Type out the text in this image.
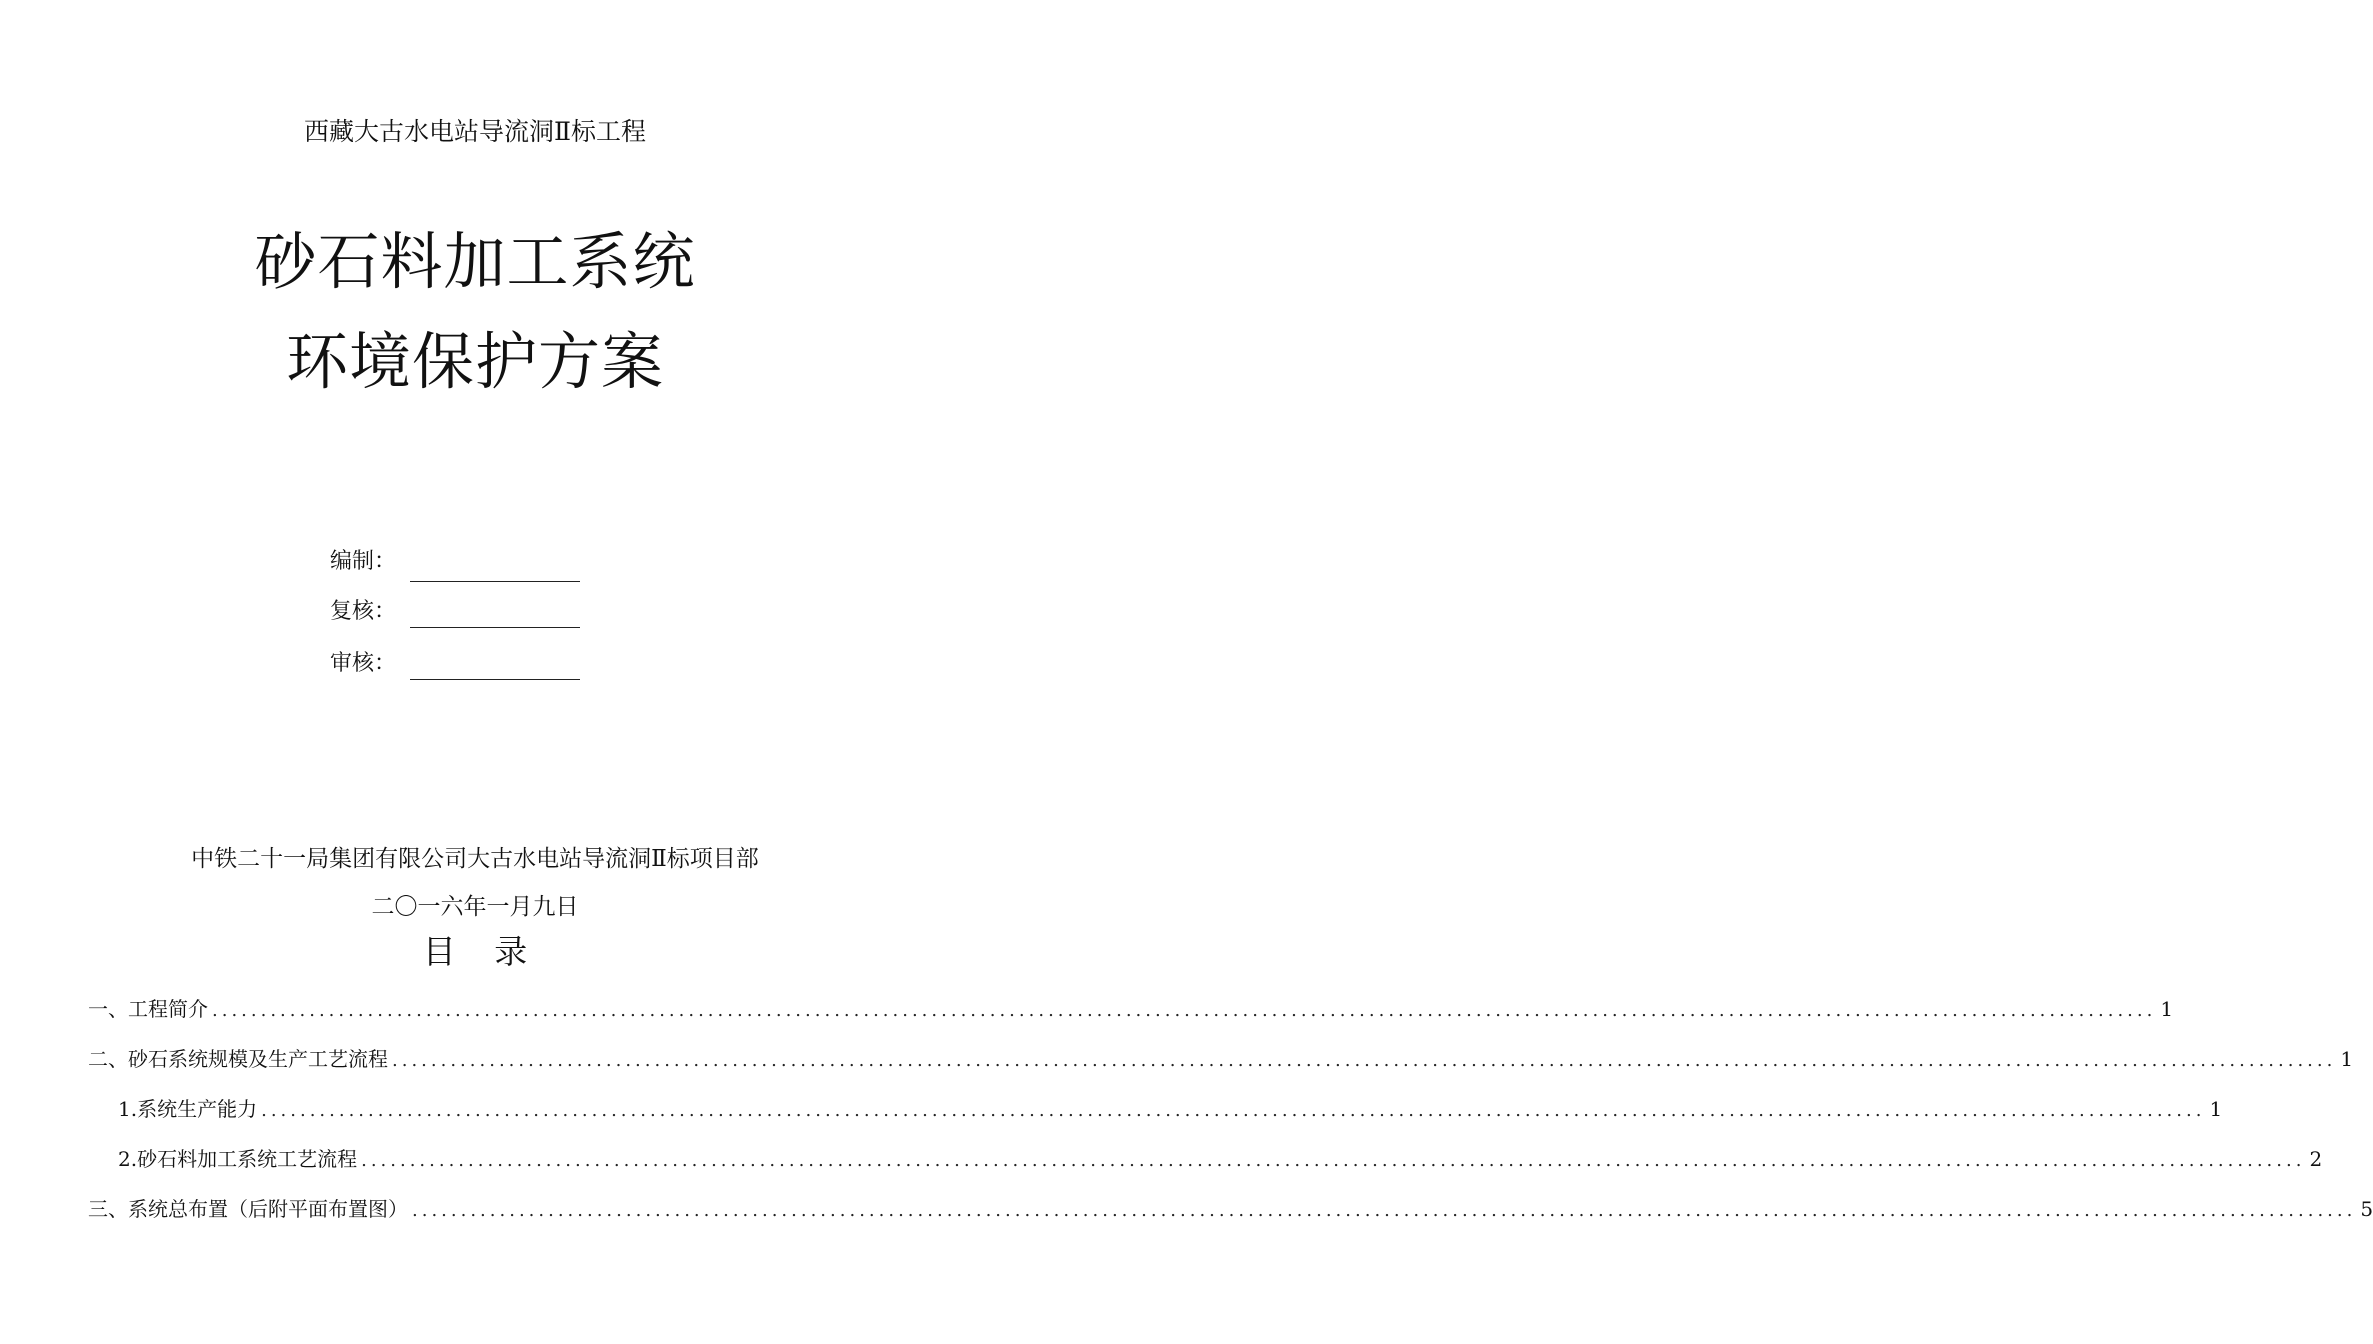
西藏大古水电站导流洞Ⅱ标工程
砂石料加工系统
环境保护方案
编制：
复核：
审核：
中铁二十一局集团有限公司大古水电站导流洞Ⅱ标项目部
二〇一六年一月九日
目 录
一、工程简介 ........................................................................................................................................................................................................ 1
二、砂石系统规模及生产工艺流程 ........................................................................................................................................................................................................ 1
1.系统生产能力 ........................................................................................................................................................................................................ 1
2.砂石料加工系统工艺流程 ........................................................................................................................................................................................................ 2
三、系统总布置（后附平面布置图） ........................................................................................................................................................................................................ 5
